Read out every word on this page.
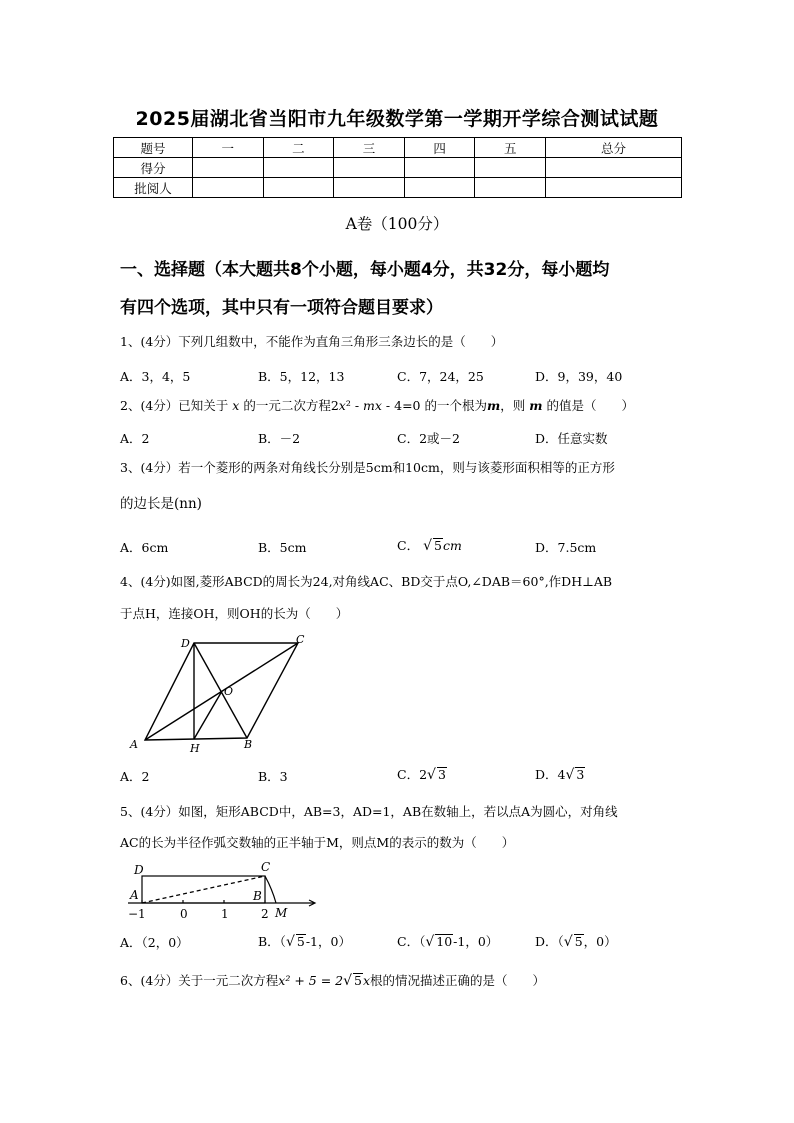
2025届湖北省当阳市九年级数学第一学期开学综合测试试题
题号	一	二	三	四	五	总分
得分						
批阅人						
A卷（100分）
一、选择题（本大题共8个小题，每小题4分，共32分，每小题均
有四个选项，其中只有一项符合题目要求）
1、(4分）下列几组数中，不能作为直角三角形三条边长的是（　　）
A．3，4，5	B．5，12，13	C．7，24，25	D．9，39，40
2、(4分）已知关于 x 的一元二次方程2x² - mx - 4=0 的一个根为m，则 m 的值是（　　）
A．2	B．－2	C．2或－2	D．任意实数
3、(4分）若一个菱形的两条对角线长分别是5cm和10cm，则与该菱形面积相等的正方形
的边长是(nn)
A．6cm	B．5cm	C． √ 5cm	D．7.5cm
4、(4分)如图,菱形ABCD的周长为24,对角线AC、BD交于点O,∠DAB＝60°,作DH⊥AB
于点H，连接OH，则OH的长为（　　）
A	B
C
D
H
O
A．2	B．3	C．2√ 3	D．4√ 3
5、(4分）如图，矩形ABCD中，AB=3，AD=1，AB在数轴上，若以点A为圆心，对角线
AC的长为半径作弧交数轴的正半轴于M，则点M的表示的数为（　　）
D
A
C
B
M
−1	0	1	2
A．（2，0）	B．（√ 5-1，0）	C．（√ 10-1，0）	D．（√ 5，0）
6、(4分）关于一元二次方程x² + 5 = 2√ 5x根的情况描述正确的是（　　）
